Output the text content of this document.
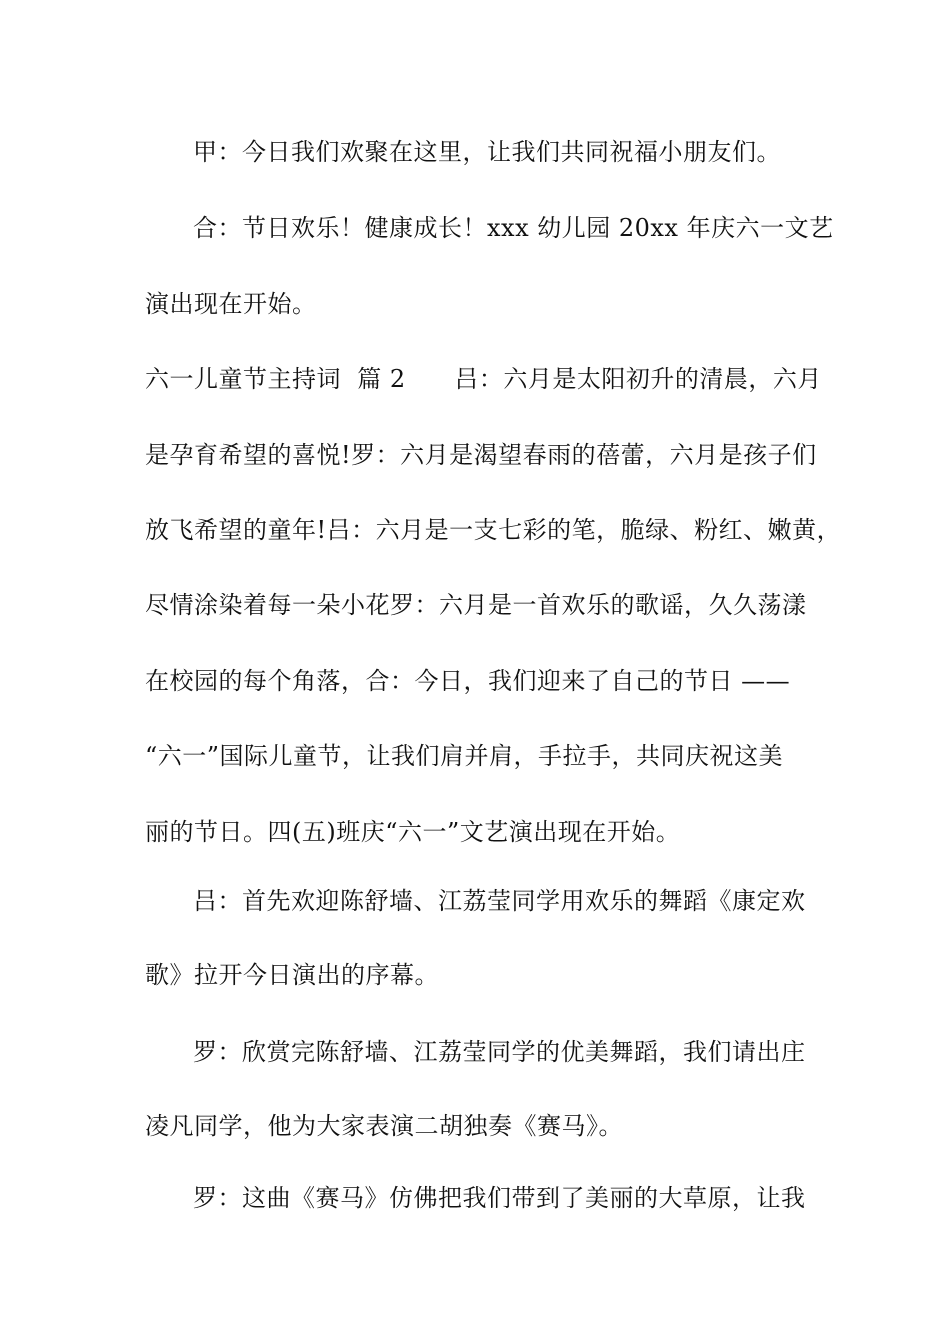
甲：今日我们欢聚在这里，让我们共同祝福小朋友们。
合：节日欢乐！健康成长！xxx 幼儿园 20xx 年庆六一文艺
演出现在开始。
六一儿童节主持词  篇 2      吕：六月是太阳初升的清晨，六月
是孕育希望的喜悦!罗：六月是渴望春雨的蓓蕾，六月是孩子们
放飞希望的童年!吕：六月是一支七彩的笔，脆绿、粉红、嫩黄，
尽情涂染着每一朵小花罗：六月是一首欢乐的歌谣，久久荡漾
在校园的每个角落，合：今日，我们迎来了自己的节日 ——
“六一”国际儿童节，让我们肩并肩，手拉手，共同庆祝这美
丽的节日。四(五)班庆“六一”文艺演出现在开始。
吕：首先欢迎陈舒墙、江荔莹同学用欢乐的舞蹈《康定欢
歌》拉开今日演出的序幕。
罗：欣赏完陈舒墙、江荔莹同学的优美舞蹈，我们请出庄
凌凡同学，他为大家表演二胡独奏《赛马》。
罗：这曲《赛马》仿佛把我们带到了美丽的大草原，让我
